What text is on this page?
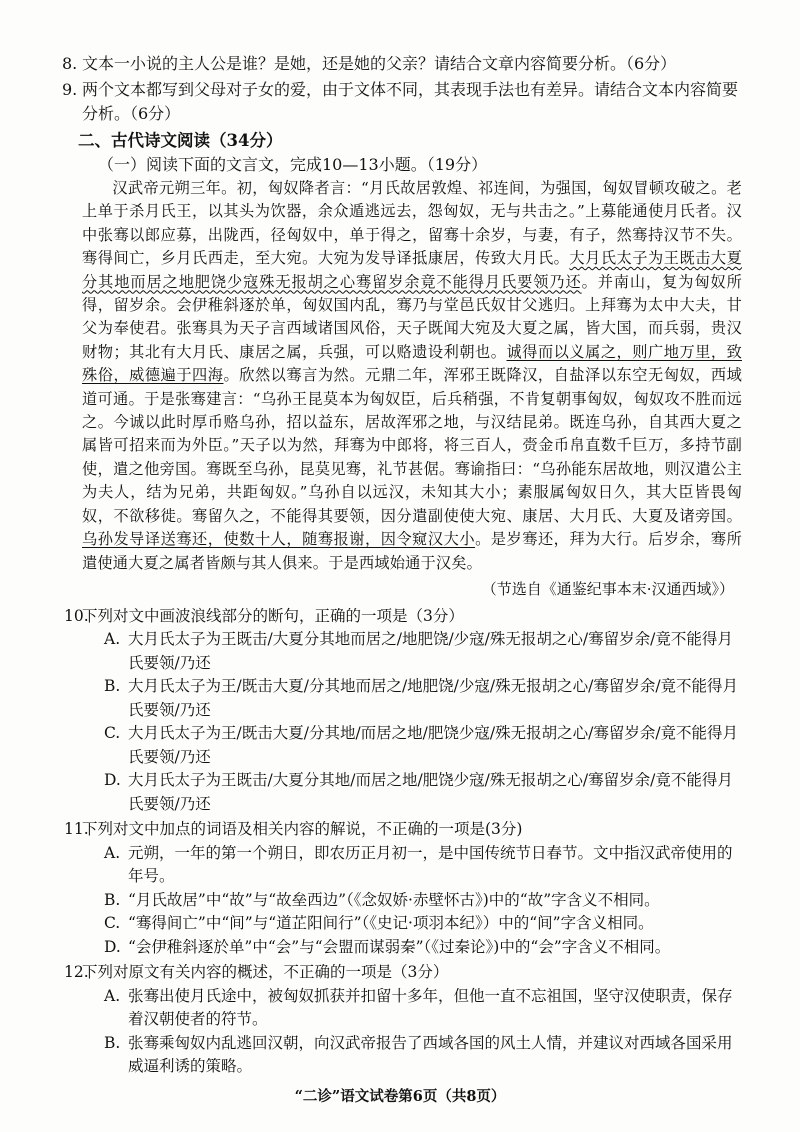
8. 文本一小说的主人公是谁？是她，还是她的父亲？请结合文章内容简要分析。（6分）

9. 两个文本都写到父母对子女的爱，由于文体不同，其表现手法也有差异。请结合文本内容简要分析。（6分）

二、古代诗文阅读（34分）
（一）阅读下面的文言文，完成10—13小题。（19分）

汉武帝元朔三年。初，匈奴降者言：“月氏故居敦煌、祁连间，为强国，匈奴冒顿攻破之。老上单于杀月氏王，以其头为饮器，余众遁逃远去，怨匈奴，无与共击之。”上募能通使月氏者。汉中张骞以郎应募，出陇西，径匈奴中，单于得之，留骞十余岁，与妻，有子，然骞持汉节不失。骞得间亡，乡月氏西走，至大宛。大宛为发导译抵康居，传致大月氏。大月氏太子为王既击大夏分其地而居之地肥饶少寇殊无报胡之心骞留岁余竟不能得月氏要领乃还。并南山，复为匈奴所得，留岁余。会伊稚斜逐於单，匈奴国内乱，骞乃与堂邑氏奴甘父逃归。上拜骞为太中大夫，甘父为奉使君。张骞具为天子言西域诸国风俗，天子既闻大宛及大夏之属，皆大国，而兵弱，贵汉财物；其北有大月氏、康居之属，兵强，可以赂遗设利朝也。诚得而以义属之，则广地万里，致殊俗，威德遍于四海。欣然以骞言为然。元鼎二年，浑邪王既降汉，自盐泽以东空无匈奴，西域道可通。于是张骞建言：“乌孙王昆莫本为匈奴臣，后兵稍强，不肯复朝事匈奴，匈奴攻不胜而远之。今诚以此时厚币赂乌孙，招以益东，居故浑邪之地，与汉结昆弟。既连乌孙，自其西大夏之属皆可招来而为外臣。”天子以为然，拜骞为中郎将，将三百人，赍金币帛直数千巨万，多持节副使，遣之他旁国。骞既至乌孙，昆莫见骞，礼节甚倨。骞谕指曰：“乌孙能东居故地，则汉遣公主为夫人，结为兄弟，共距匈奴。”乌孙自以远汉，未知其大小；素服属匈奴日久，其大臣皆畏匈奴，不欲移徙。骞留久之，不能得其要领，因分遣副使使大宛、康居、大月氏、大夏及诸旁国。乌孙发导译送骞还，使数十人，随骞报谢，因令窥汉大小。是岁骞还，拜为大行。后岁余，骞所遣使通大夏之属者皆颇与其人俱来。于是西域始通于汉矣。

（节选自《通鉴纪事本末·汉通西域》）

10.
下列对文中画波浪线部分的断句，正确的一项是（3分）

A. 大月氏太子为王既击/大夏分其地而居之/地肥饶/少寇/殊无报胡之心/骞留岁余/竟不能得月氏要领/乃还

B. 大月氏太子为王/既击大夏/分其地而居之/地肥饶/少寇/殊无报胡之心/骞留岁余/竟不能得月氏要领/乃还

C. 大月氏太子为王/既击大夏/分其地/而居之地/肥饶少寇/殊无报胡之心/骞留岁余/竟不能得月氏要领/乃还

D. 大月氏太子为王既击/大夏分其地/而居之地/肥饶少寇/殊无报胡之心/骞留岁余/竟不能得月氏要领/乃还

11.
下列对文中加点的词语及相关内容的解说，不正确的一项是(3分)

A. 元朔，一年的第一个朔日，即农历正月初一，是中国传统节日春节。文中指汉武帝使用的年号。

B. “月氏故居”中“故”与“故垒西边”（《念奴娇·赤壁怀古》)中的“故”字含义不相同。

C. “骞得间亡”中“间”与“道芷阳间行”（《史记·项羽本纪》）中的“间”字含义相同。

D. “会伊稚斜逐於单”中“会”与“会盟而谋弱秦”（《过秦论》)中的“会”字含义不相同。

12.
下列对原文有关内容的概述，不正确的一项是（3分）

A. 张骞出使月氏途中，被匈奴抓获并扣留十多年，但他一直不忘祖国，坚守汉使职责，保存着汉朝使者的符节。

B. 张骞乘匈奴内乱逃回汉朝，向汉武帝报告了西域各国的风土人情，并建议对西域各国采用威逼利诱的策略。

“二诊”语文试卷第6页（共8页）
